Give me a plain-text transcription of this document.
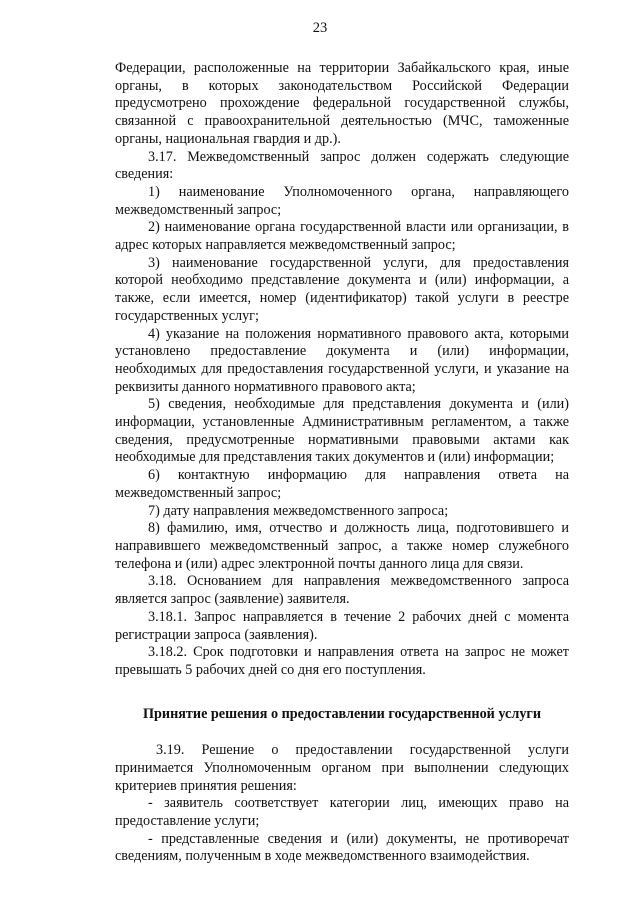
23

Федерации, расположенные на территории Забайкальского края, иные органы, в которых законодательством Российской Федерации предусмотрено прохождение федеральной государственной службы, связанной с правоохранительной деятельностью (МЧС, таможенные органы, национальная гвардия и др.).

3.17. Межведомственный запрос должен содержать следующие сведения:

1) наименование Уполномоченного органа, направляющего межведомственный запрос;

2) наименование органа государственной власти или организации, в адрес которых направляется межведомственный запрос;

3) наименование государственной услуги, для предоставления которой необходимо представление документа и (или) информации, а также, если имеется, номер (идентификатор) такой услуги в реестре государственных услуг;

4) указание на положения нормативного правового акта, которыми установлено предоставление документа и (или) информации, необходимых для предоставления государственной услуги, и указание на реквизиты данного нормативного правового акта;

5) сведения, необходимые для представления документа и (или) информации, установленные Административным регламентом, а также сведения, предусмотренные нормативными правовыми актами как необходимые для представления таких документов и (или) информации;

6) контактную информацию для направления ответа на межведомственный запрос;

7) дату направления межведомственного запроса;

8) фамилию, имя, отчество и должность лица, подготовившего и направившего межведомственный запрос, а также номер служебного телефона и (или) адрес электронной почты данного лица для связи.

3.18. Основанием для направления межведомственного запроса является запрос (заявление) заявителя.

3.18.1. Запрос направляется в течение 2 рабочих дней с момента регистрации запроса (заявления).

3.18.2. Срок подготовки и направления ответа на запрос не может превышать 5 рабочих дней со дня его поступления.

Принятие решения о предоставлении государственной услуги

3.19. Решение о предоставлении государственной услуги принимается Уполномоченным органом при выполнении следующих критериев принятия решения:

- заявитель соответствует категории лиц, имеющих право на предоставление услуги;

- представленные сведения и (или) документы, не противоречат сведениям, полученным в ходе межведомственного взаимодействия.
